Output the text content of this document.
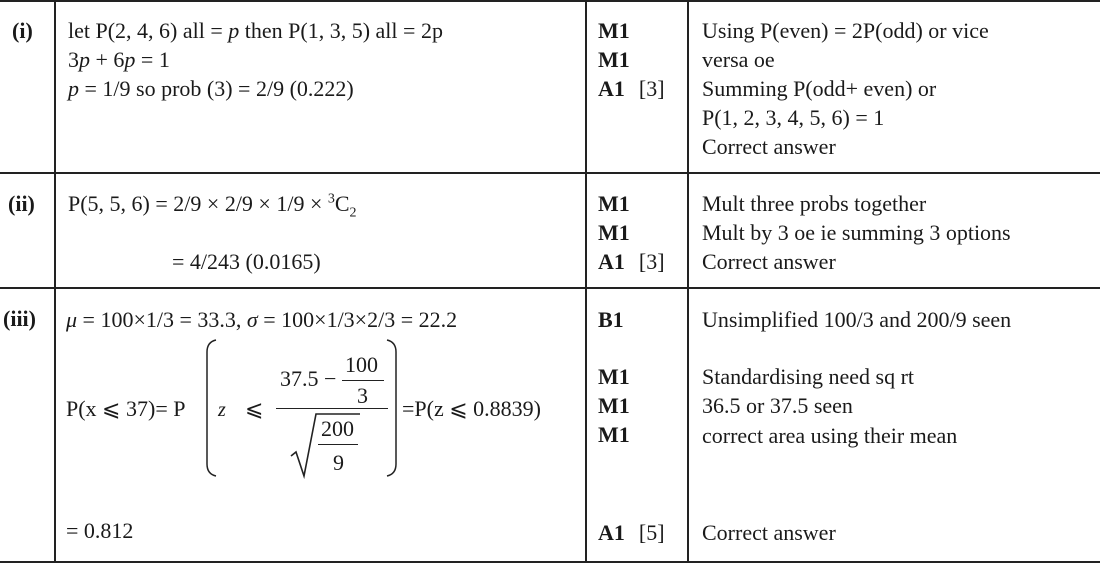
(i) let P(2, 4, 6) all = p then P(1, 3, 5) all = 2p
3p + 6p = 1
p = 1/9 so prob (3) = 2/9 (0.222)
M1
M1
A1 [3]
Using P(even) = 2P(odd) or vice
versa oe
Summing P(odd+ even) or
P(1, 2, 3, 4, 5, 6) = 1
Correct answer
(ii) P(5, 5, $6) = 2/9 \times 2/9 \times 1/9 \times ^3C_2$
= 4/243 (0.0165)
M1
M1
A1 [3]
Mult three probs together
Mult by 3 oe ie summing 3 options
Correct answer
(iii) μ = 100×1/3 = 33.3, σ = 100×1/3×2/3 = 22.2
P(x ⩽ 37)= P z ⩽
37.5 −
100
3
200
9
=P(z ⩽ 0.8839)
= 0.812
B1
M1
M1
M1
A1 [5]
Unsimplified 100/3 and 200/9 seen
Standardising need sq rt
36.5 or 37.5 seen
correct area using their mean
Correct answer
